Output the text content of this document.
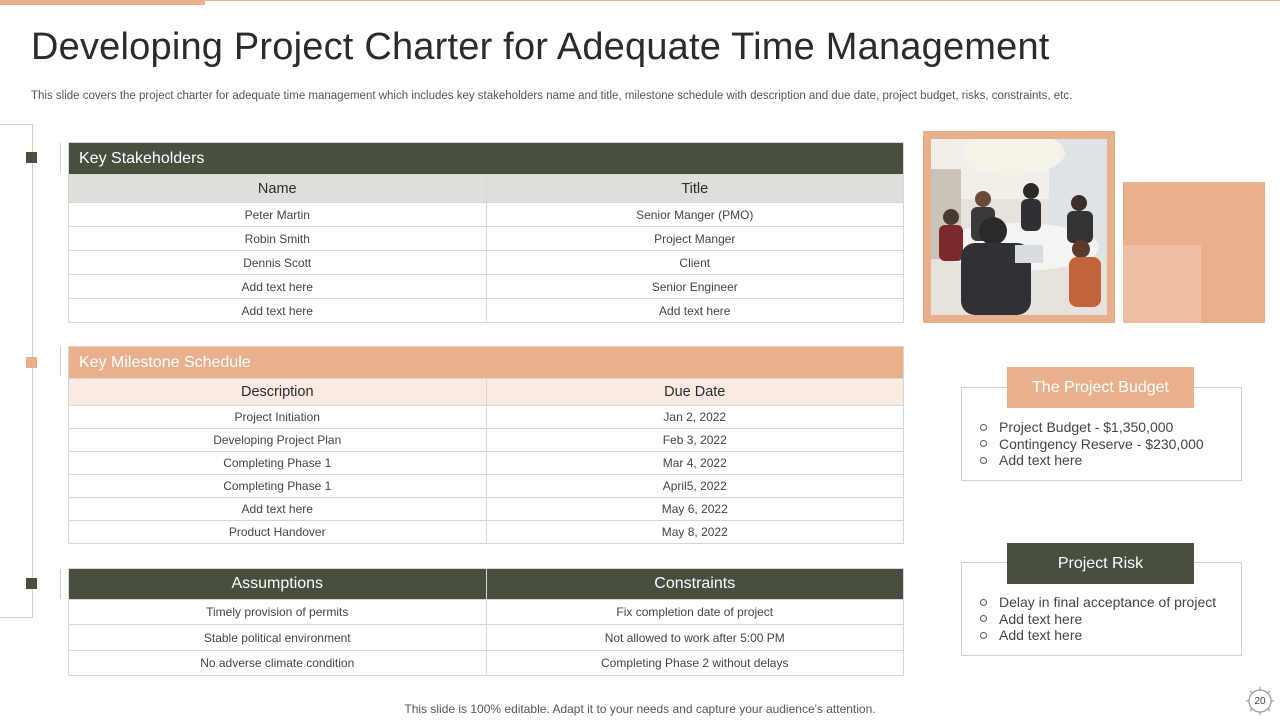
Developing Project Charter for Adequate Time Management

This slide covers the project charter for adequate time management which includes key stakeholders name and title, milestone schedule with description and due date, project budget, risks, constraints, etc.

Key Stakeholders	
Name	Title
Peter Martin	Senior Manger (PMO)
Robin Smith	Project Manger
Dennis Scott	Client
Add text here	Senior Engineer
Add text here	Add text here
Key Milestone Schedule	
Description	Due Date
Project Initiation	Jan 2, 2022
Developing Project Plan	Feb 3, 2022
Completing Phase 1	Mar 4, 2022
Completing Phase 1	April5, 2022
Add text here	May 6, 2022
Product Handover	May 8, 2022
Assumptions	Constraints
Timely provision of permits	Fix completion date of project
Stable political environment	Not allowed to work after 5:00 PM
No adverse climate condition	Completing Phase 2 without delays
Project Budget - $1,350,000
Contingency Reserve - $230,000
Add text here
The Project Budget
Delay in final acceptance of project
Add text here
Add text here
Project Risk
This slide is 100% editable. Adapt it to your needs and capture your audience's attention.
20
